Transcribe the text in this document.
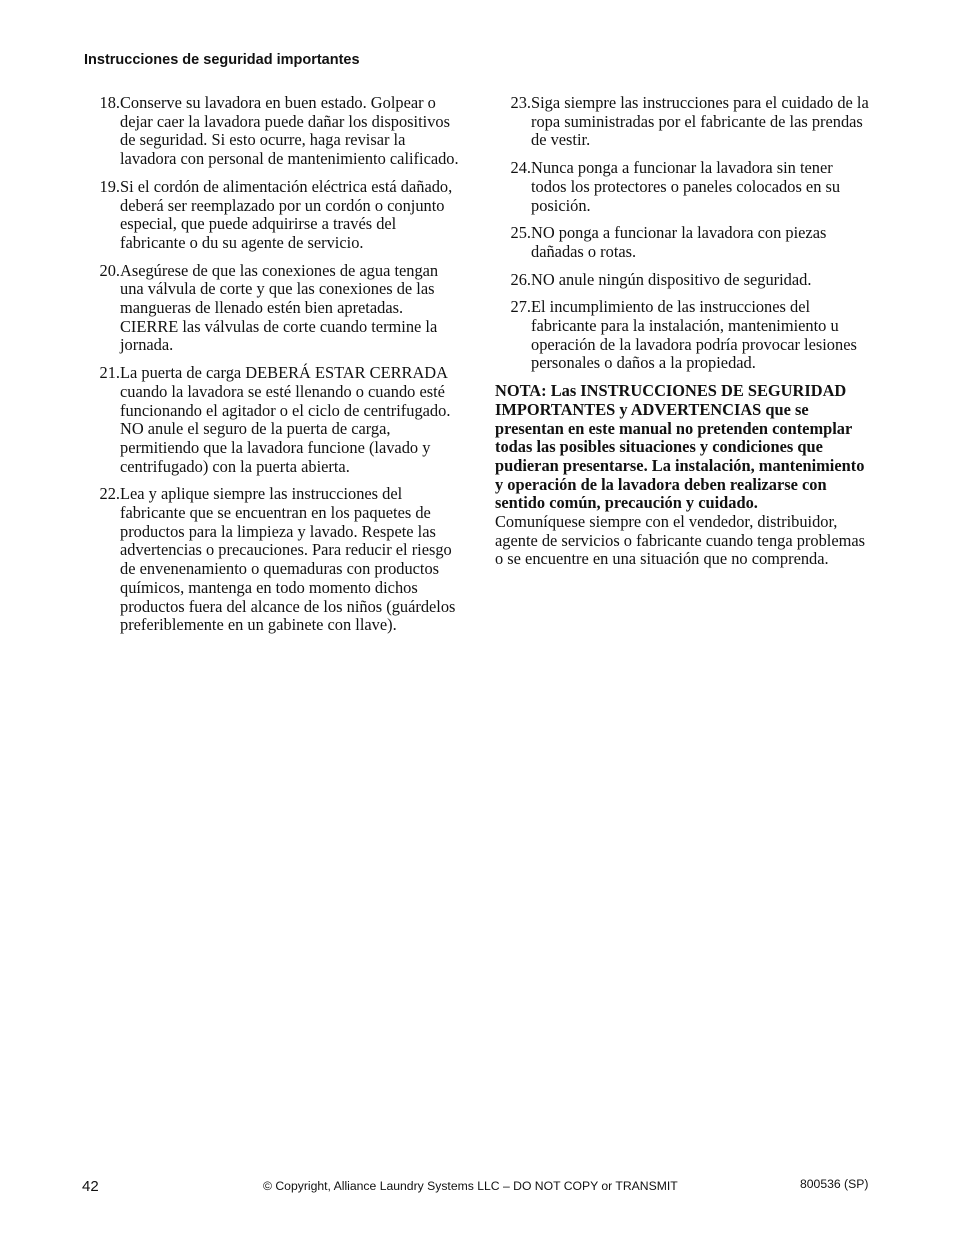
Instrucciones de seguridad importantes
18. Conserve su lavadora en buen estado. Golpear o dejar caer la lavadora puede dañar los dispositivos de seguridad. Si esto ocurre, haga revisar la lavadora con personal de mantenimiento calificado.
19. Si el cordón de alimentación eléctrica está dañado, deberá ser reemplazado por un cordón o conjunto especial, que puede adquirirse a través del fabricante o du su agente de servicio.
20. Asegúrese de que las conexiones de agua tengan una válvula de corte y que las conexiones de las mangueras de llenado estén bien apretadas. CIERRE las válvulas de corte cuando termine la jornada.
21. La puerta de carga DEBERÁ ESTAR CERRADA cuando la lavadora se esté llenando o cuando esté funcionando el agitador o el ciclo de centrifugado. NO anule el seguro de la puerta de carga, permitiendo que la lavadora funcione (lavado y centrifugado) con la puerta abierta.
22. Lea y aplique siempre las instrucciones del fabricante que se encuentran en los paquetes de productos para la limpieza y lavado. Respete las advertencias o precauciones. Para reducir el riesgo de envenenamiento o quemaduras con productos químicos, mantenga en todo momento dichos productos fuera del alcance de los niños (guárdelos preferiblemente en un gabinete con llave).
23. Siga siempre las instrucciones para el cuidado de la ropa suministradas por el fabricante de las prendas de vestir.
24. Nunca ponga a funcionar la lavadora sin tener todos los protectores o paneles colocados en su posición.
25. NO ponga a funcionar la lavadora con piezas dañadas o rotas.
26. NO anule ningún dispositivo de seguridad.
27. El incumplimiento de las instrucciones del fabricante para la instalación, mantenimiento u operación de la lavadora podría provocar lesiones personales o daños a la propiedad.

NOTA: Las INSTRUCCIONES DE SEGURIDAD IMPORTANTES y ADVERTENCIAS que se presentan en este manual no pretenden contemplar todas las posibles situaciones y condiciones que pudieran presentarse. La instalación, mantenimiento y operación de la lavadora deben realizarse con sentido común, precaución y cuidado.

Comuníquese siempre con el vendedor, distribuidor, agente de servicios o fabricante cuando tenga problemas o se encuentre en una situación que no comprenda.

42	© Copyright, Alliance Laundry Systems LLC – DO NOT COPY or TRANSMIT	800536 (SP)
